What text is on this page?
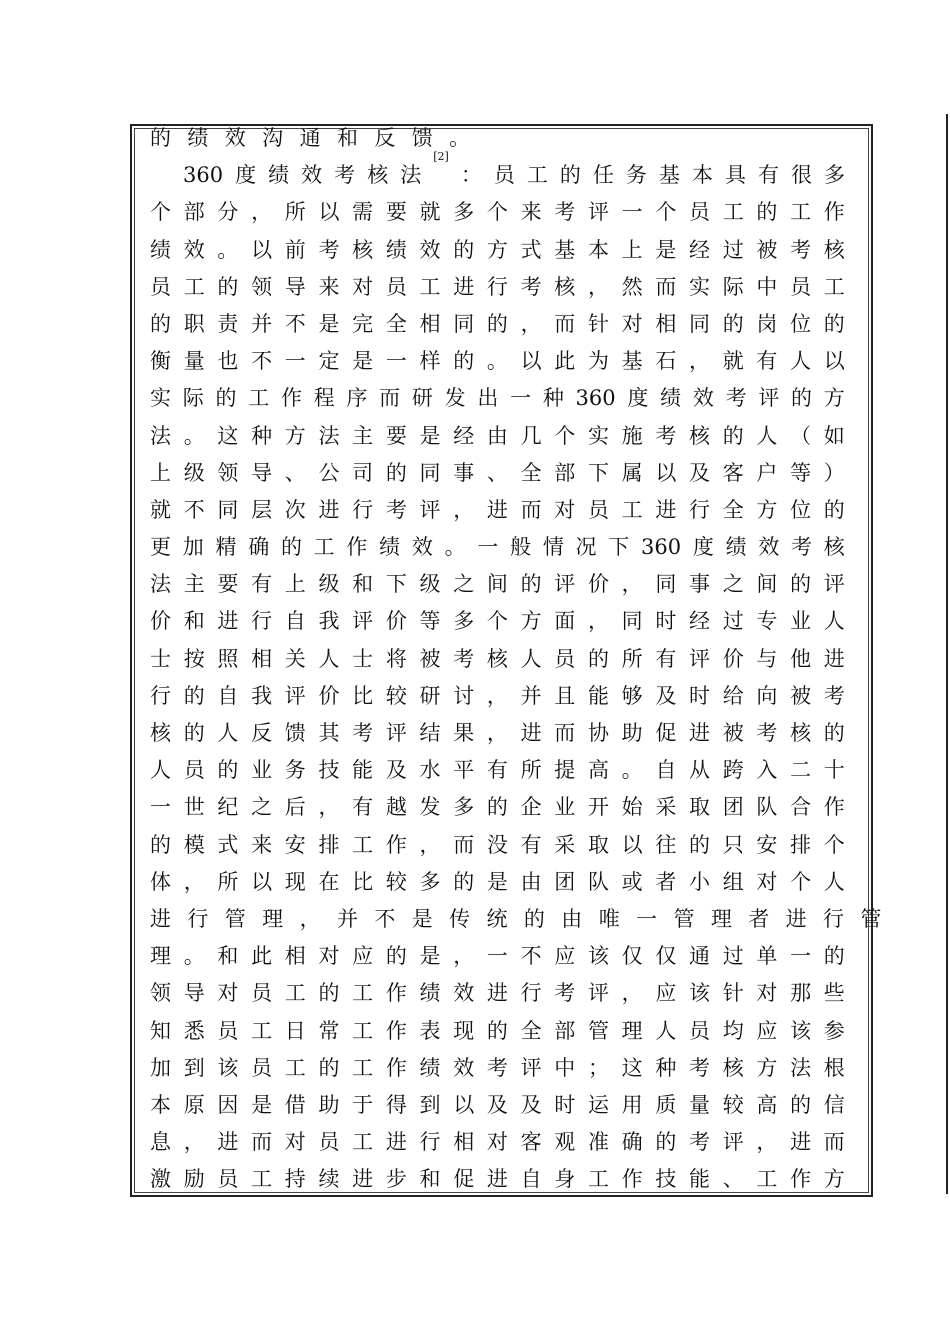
的 绩 效 沟 通 和 反 馈 。

360 度 绩 效 考 核 法
[2]
： 员 工 的 任 务 基 本 具 有 很 多
个 部 分 ， 所 以 需 要 就 多 个 来 考 评 一 个 员 工 的 工 作
绩 效 。 以 前 考 核 绩 效 的 方 式 基 本 上 是 经 过 被 考 核
员 工 的 领 导 来 对 员 工 进 行 考 核 ， 然 而 实 际 中 员 工
的 职 责 并 不 是 完 全 相 同 的 ， 而 针 对 相 同 的 岗 位 的
衡 量 也 不 一 定 是 一 样 的 。 以 此 为 基 石 ， 就 有 人 以
实 际 的 工 作 程 序 而 研 发 出 一 种 360 度 绩 效 考 评 的 方
法 。 这 种 方 法 主 要 是 经 由 几 个 实 施 考 核 的 人 （ 如
上 级 领 导 、 公 司 的 同 事 、 全 部 下 属 以 及 客 户 等 ）
就 不 同 层 次 进 行 考 评 ， 进 而 对 员 工 进 行 全 方 位 的
更 加 精 确 的 工 作 绩 效 。 一 般 情 况 下 360 度 绩 效 考 核
法 主 要 有 上 级 和 下 级 之 间 的 评 价 ， 同 事 之 间 的 评
价 和 进 行 自 我 评 价 等 多 个 方 面 ， 同 时 经 过 专 业 人
士 按 照 相 关 人 士 将 被 考 核 人 员 的 所 有 评 价 与 他 进
行 的 自 我 评 价 比 较 研 讨 ， 并 且 能 够 及 时 给 向 被 考
核 的 人 反 馈 其 考 评 结 果 ， 进 而 协 助 促 进 被 考 核 的
人 员 的 业 务 技 能 及 水 平 有 所 提 高 。 自 从 跨 入 二 十
一 世 纪 之 后 ， 有 越 发 多 的 企 业 开 始 采 取 团 队 合 作
的 模 式 来 安 排 工 作 ， 而 没 有 采 取 以 往 的 只 安 排 个
体 ， 所 以 现 在 比 较 多 的 是 由 团 队 或 者 小 组 对 个 人
进 行 管 理 ， 并 不 是 传 统 的 由 唯 一 管 理 者 进 行 管
理 。 和 此 相 对 应 的 是 ， 一 不 应 该 仅 仅 通 过 单 一 的
领 导 对 员 工 的 工 作 绩 效 进 行 考 评 ， 应 该 针 对 那 些
知 悉 员 工 日 常 工 作 表 现 的 全 部 管 理 人 员 均 应 该 参
加 到 该 员 工 的 工 作 绩 效 考 评 中 ； 这 种 考 核 方 法 根
本 原 因 是 借 助 于 得 到 以 及 及 时 运 用 质 量 较 高 的 信
息 ， 进 而 对 员 工 进 行 相 对 客 观 准 确 的 考 评 ， 进 而
激 励 员 工 持 续 进 步 和 促 进 自 身 工 作 技 能 、 工 作 方
